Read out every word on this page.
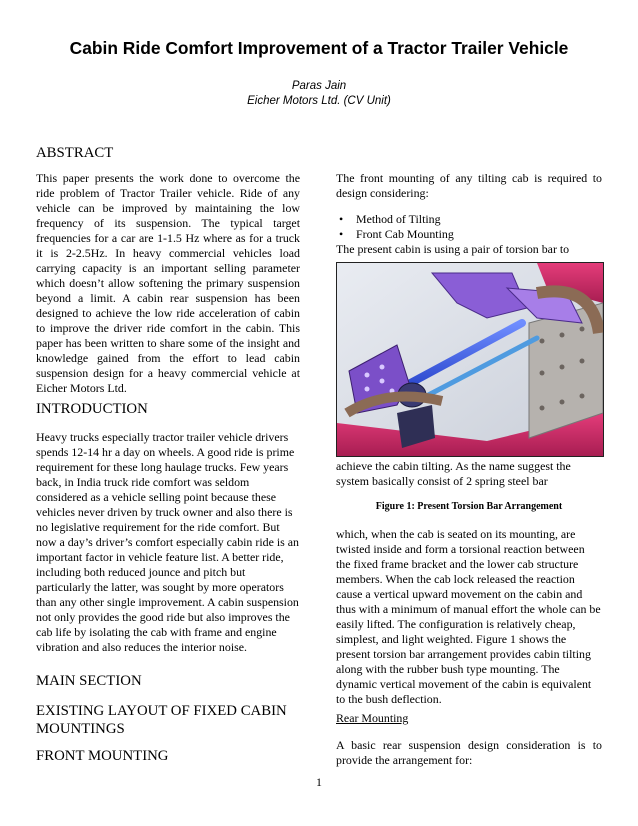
Cabin Ride Comfort Improvement of a Tractor Trailer Vehicle
Paras Jain
Eicher Motors Ltd. (CV Unit)
ABSTRACT
This paper presents the work done to overcome the ride problem of Tractor Trailer vehicle. Ride of any vehicle can be improved by maintaining the low frequency of its suspension. The typical target frequencies for a car are 1-1.5 Hz where as for a truck it is 2-2.5Hz. In heavy commercial vehicles load carrying capacity is an important selling parameter which doesn’t allow softening the primary suspension beyond a limit. A cabin rear suspension has been designed to achieve the low ride acceleration of cabin to improve the driver ride comfort in the cabin. This paper has been written to share some of the insight and knowledge gained from the effort to lead cabin suspension design for a heavy commercial vehicle at Eicher Motors Ltd.
INTRODUCTION
Heavy trucks especially tractor trailer vehicle drivers spends 12-14 hr a day on wheels. A good ride is prime requirement for these long haulage trucks. Few years back, in India truck ride comfort was seldom considered as a vehicle selling point because these vehicles never driven by truck owner and also there is no legislative requirement for the ride comfort. But now a day’s driver’s comfort especially cabin ride is an important factor in vehicle feature list. A better ride, including both reduced jounce and pitch but particularly the latter, was sought by more operators than any other single improvement. A cabin suspension not only provides the good ride but also improves the cab life by isolating the cab with frame and engine vibration and also reduces the interior noise.
MAIN SECTION
EXISTING LAYOUT OF FIXED CABIN MOUNTINGS
FRONT MOUNTING
The front mounting of any tilting cab is required to design considering:
• Method of Tilting
• Front Cab Mounting
The present cabin is using a pair of torsion bar to
achieve the cabin tilting. As the name suggest the system basically consist of 2 spring steel bar
Figure 1: Present Torsion Bar Arrangement
which, when the cab is seated on its mounting, are twisted inside and form a torsional reaction between the fixed frame bracket and the lower cab structure members. When the cab lock released the reaction cause a vertical upward movement on the cabin and thus with a minimum of manual effort the whole can be easily lifted. The configuration is relatively cheap, simplest, and light weighted. Figure 1 shows the present torsion bar arrangement provides cabin tilting along with the rubber bush type mounting. The dynamic vertical movement of the cabin is equivalent to the bush deflection.
Rear Mounting
A basic rear suspension design consideration is to provide the arrangement for:
1
